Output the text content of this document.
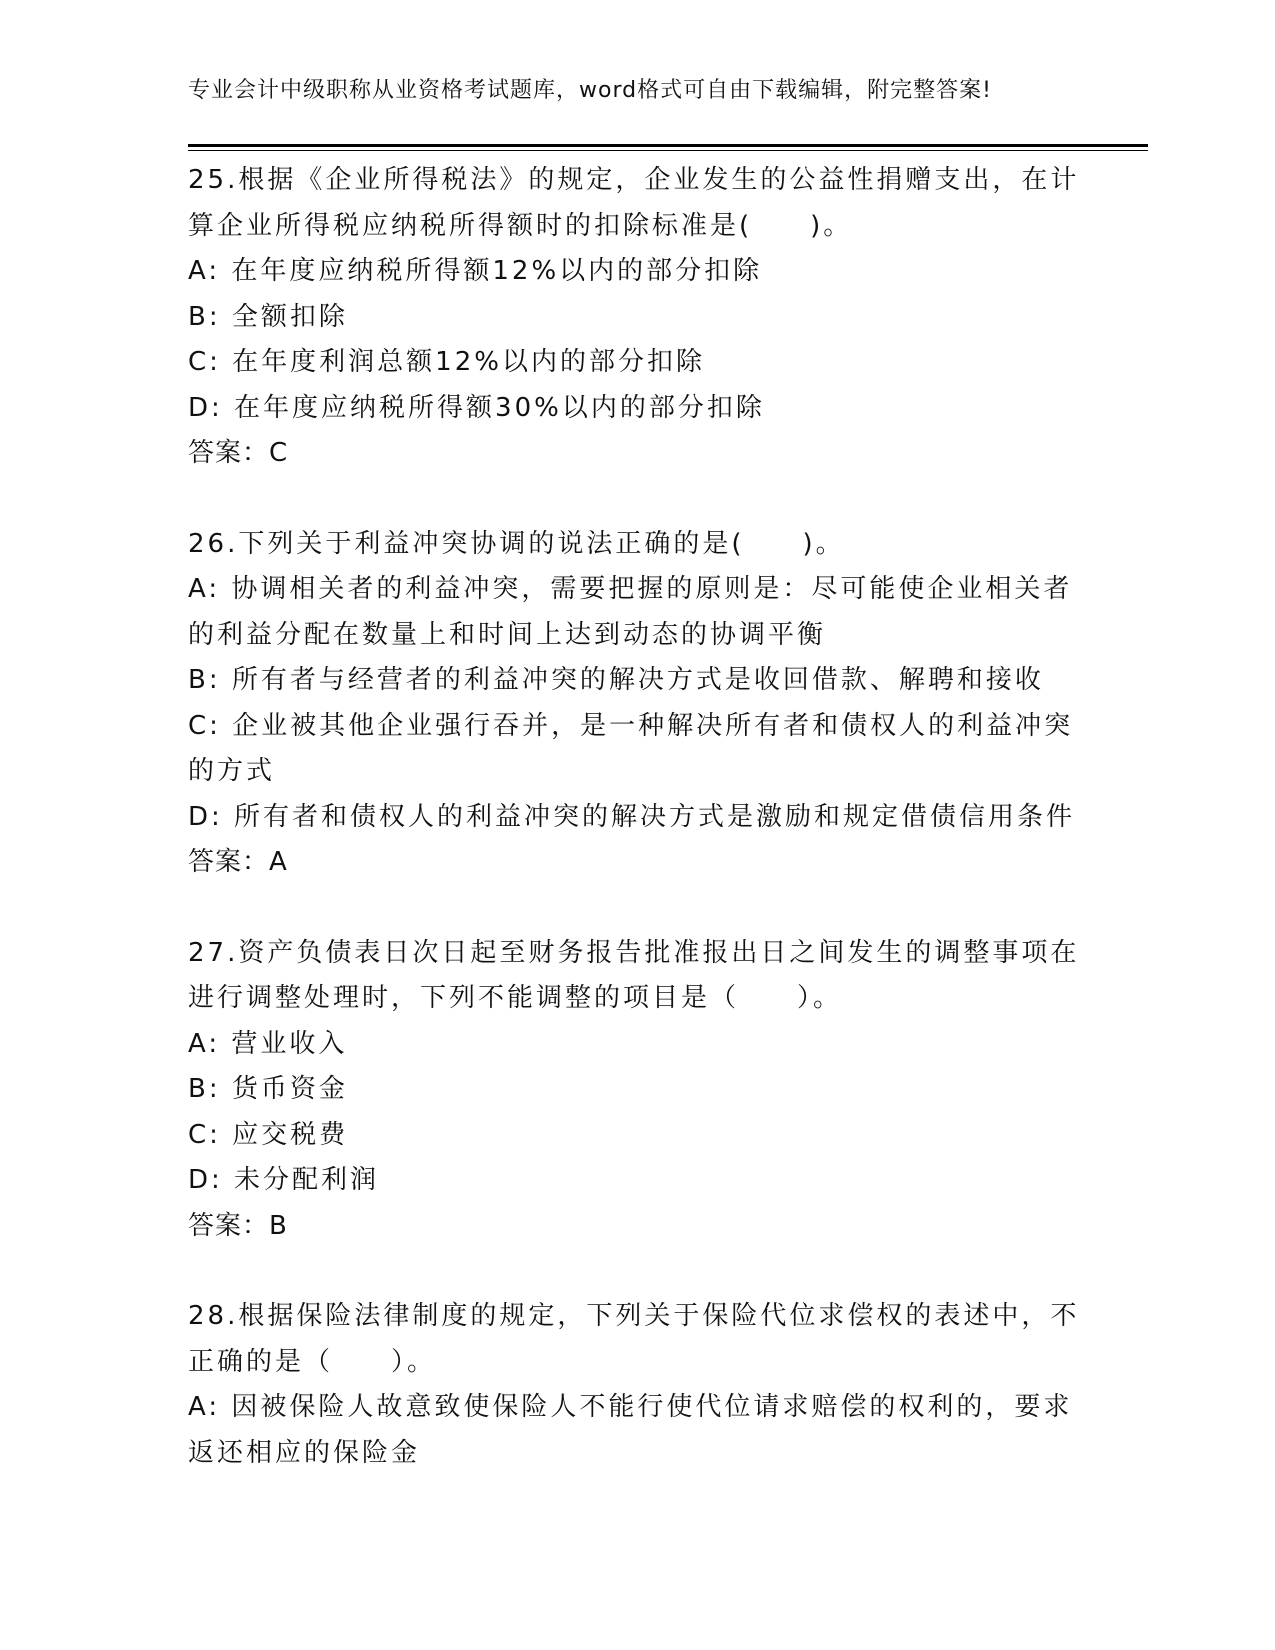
专业会计中级职称从业资格考试题库，word格式可自由下载编辑，附完整答案!
25.根据《企业所得税法》的规定，企业发生的公益性捐赠支出，在计
算企业所得税应纳税所得额时的扣除标准是(　　)。
A: 在年度应纳税所得额12%以内的部分扣除
B: 全额扣除
C: 在年度利润总额12%以内的部分扣除
D: 在年度应纳税所得额30%以内的部分扣除
答案：C
26.下列关于利益冲突协调的说法正确的是(　　)。
A: 协调相关者的利益冲突，需要把握的原则是：尽可能使企业相关者
的利益分配在数量上和时间上达到动态的协调平衡
B: 所有者与经营者的利益冲突的解决方式是收回借款、解聘和接收
C: 企业被其他企业强行吞并，是一种解决所有者和债权人的利益冲突
的方式
D: 所有者和债权人的利益冲突的解决方式是激励和规定借债信用条件
答案：A
27.资产负债表日次日起至财务报告批准报出日之间发生的调整事项在
进行调整处理时，下列不能调整的项目是（　　）。
A: 营业收入
B: 货币资金
C: 应交税费
D: 未分配利润
答案：B
28.根据保险法律制度的规定，下列关于保险代位求偿权的表述中，不
正确的是（　　）。
A: 因被保险人故意致使保险人不能行使代位请求赔偿的权利的，要求
返还相应的保险金
